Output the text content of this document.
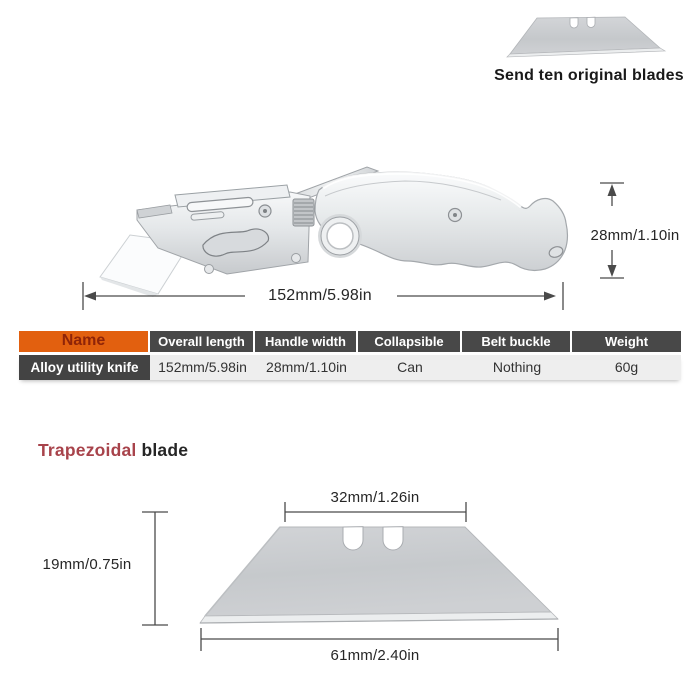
Send ten original blades
28mm/1.10in
152mm/5.98in
Name	Overall length	Handle width	Collapsible	Belt buckle	Weight
Alloy utility knife	152mm/5.98in	28mm/1.10in	Can	Nothing	60g
Trapezoidal blade
32mm/1.26in
19mm/0.75in
61mm/2.40in
